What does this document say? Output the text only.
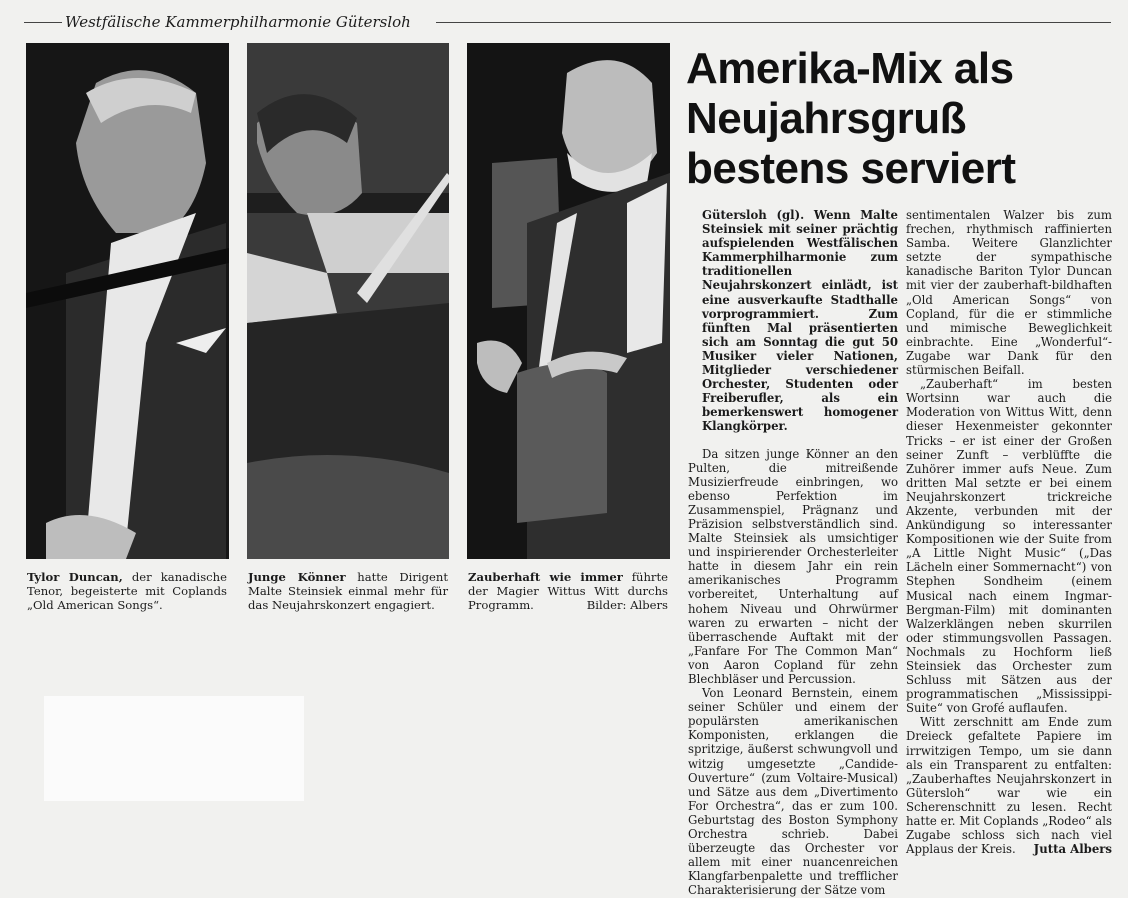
Westfälische Kammerphilharmonie Gütersloh
Tylor Duncan, der kanadische Tenor, begeisterte mit Coplands „Old American Songs“.
Junge Könner hatte Dirigent Malte Steinsiek einmal mehr für das Neujahrskonzert engagiert.
Zauberhaft wie immer führte der Magier Wittus Witt durchs Programm.	Bilder: Albers
Amerika-Mix als
Neujahrsgruß
bestens serviert

Gütersloh (gl). Wenn Malte Steinsiek mit seiner prächtig aufspielenden Westfälischen Kammerphilharmonie zum traditionellen Neujahrskonzert einlädt, ist eine ausverkaufte Stadthalle vorprogrammiert. Zum fünften Mal präsentierten sich am Sonntag die gut 50 Musiker vieler Nationen, Mitglieder verschiedener Orchester, Studenten oder Freiberufler, als ein bemerkenswert homogener Klangkörper.

Da sitzen junge Könner an den Pulten, die mitreißende Musizierfreude einbringen, wo ebenso Perfektion im Zusammenspiel, Prägnanz und Präzision selbstverständlich sind. Malte Steinsiek als umsichtiger und inspirierender Orchesterleiter hatte in diesem Jahr ein rein amerikanisches Programm vorbereitet, Unterhaltung auf hohem Niveau und Ohrwürmer waren zu erwarten – nicht der überraschende Auftakt mit der „Fanfare For The Common Man“ von Aaron Copland für zehn Blechbläser und Percussion.

Von Leonard Bernstein, einem seiner Schüler und einem der populärsten amerikanischen Komponisten, erklangen die spritzige, äußerst schwungvoll und witzig umgesetzte „Candide-Ouverture“ (zum Voltaire-Musical) und Sätze aus dem „Divertimento For Orchestra“, das er zum 100. Geburtstag des Boston Symphony Orchestra schrieb. Dabei überzeugte das Orchester vor allem mit einer nuancenreichen Klangfarbenpalette und trefflicher Charakterisierung der Sätze vom

sentimentalen Walzer bis zum frechen, rhythmisch raffinierten Samba. Weitere Glanzlichter setzte der sympathische kanadische Bariton Tylor Duncan mit vier der zauberhaft-bildhaften „Old American Songs“ von Copland, für die er stimmliche und mimische Beweglichkeit einbrachte. Eine „Wonderful“-Zugabe war Dank für den stürmischen Beifall.

„Zauberhaft“ im besten Wortsinn war auch die Moderation von Wittus Witt, denn dieser Hexenmeister gekonnter Tricks – er ist einer der Großen seiner Zunft – verblüffte die Zuhörer immer aufs Neue. Zum dritten Mal setzte er bei einem Neujahrskonzert trickreiche Akzente, verbunden mit der Ankündigung so interessanter Kompositionen wie der Suite from „A Little Night Music“ („Das Lächeln einer Sommernacht“) von Stephen Sondheim (einem Musical nach einem Ingmar-Bergman-Film) mit dominanten Walzerklängen neben skurrilen oder stimmungsvollen Passagen. Nochmals zu Hochform ließ Steinsiek das Orchester zum Schluss mit Sätzen aus der programmatischen „Mississippi-Suite“ von Grofé auflaufen.

Witt zerschnitt am Ende zum Dreieck gefaltete Papiere im irrwitzigen Tempo, um sie dann als ein Transparent zu entfalten: „Zauberhaftes Neujahrskonzert in Gütersloh“ war wie ein Scherenschnitt zu lesen. Recht hatte er. Mit Coplands „Rodeo“ als Zugabe schloss sich nach viel Applaus der Kreis.	Jutta Albers
